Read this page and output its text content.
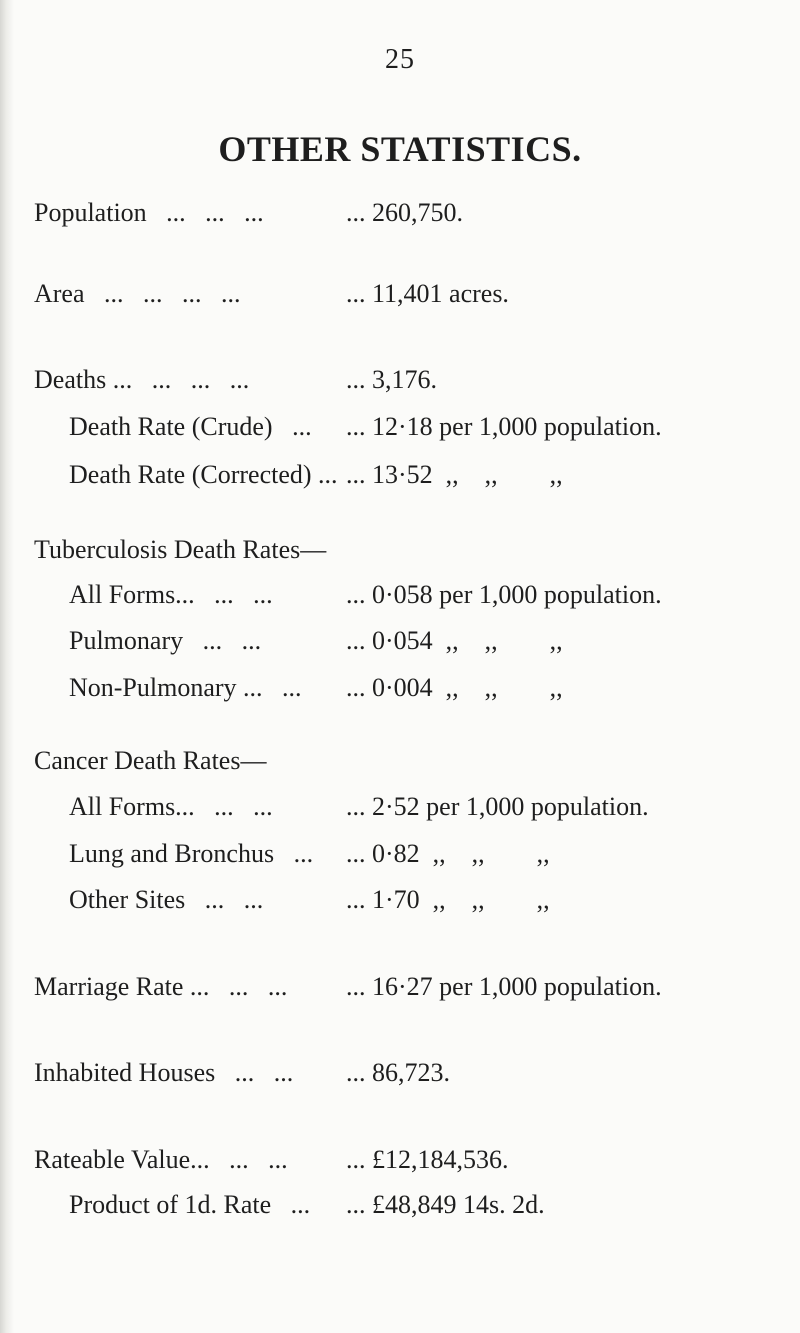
25
OTHER STATISTICS.
Population   ...   ...   ...	... 260,750.
Area   ...   ...   ...   ...	... 11,401 acres.
Deaths ...   ...   ...   ...	... 3,176.
Death Rate (Crude)   ... ... 12·18 per 1,000 population.
Death Rate (Corrected) ... ... 13·52  ,,    ,,        ,,
Tuberculosis Death Rates—
All Forms...   ...   ...	... 0·058 per 1,000 population.
Pulmonary   ...   ...	... 0·054  ,,    ,,        ,,
Non-Pulmonary ...   ... ... 0·004  ,,    ,,        ,,
Cancer Death Rates—
All Forms...   ...   ...	... 2·52 per 1,000 population.
Lung and Bronchus   ... ... 0·82  ,,    ,,        ,,
Other Sites   ...   ...	... 1·70  ,,    ,,        ,,
Marriage Rate ...   ...   ... ... 16·27 per 1,000 population.
Inhabited Houses   ...   ... ... 86,723.
Rateable Value...   ...   ... ... £12,184,536.
Product of 1d. Rate   ... ... £48,849 14s. 2d.
